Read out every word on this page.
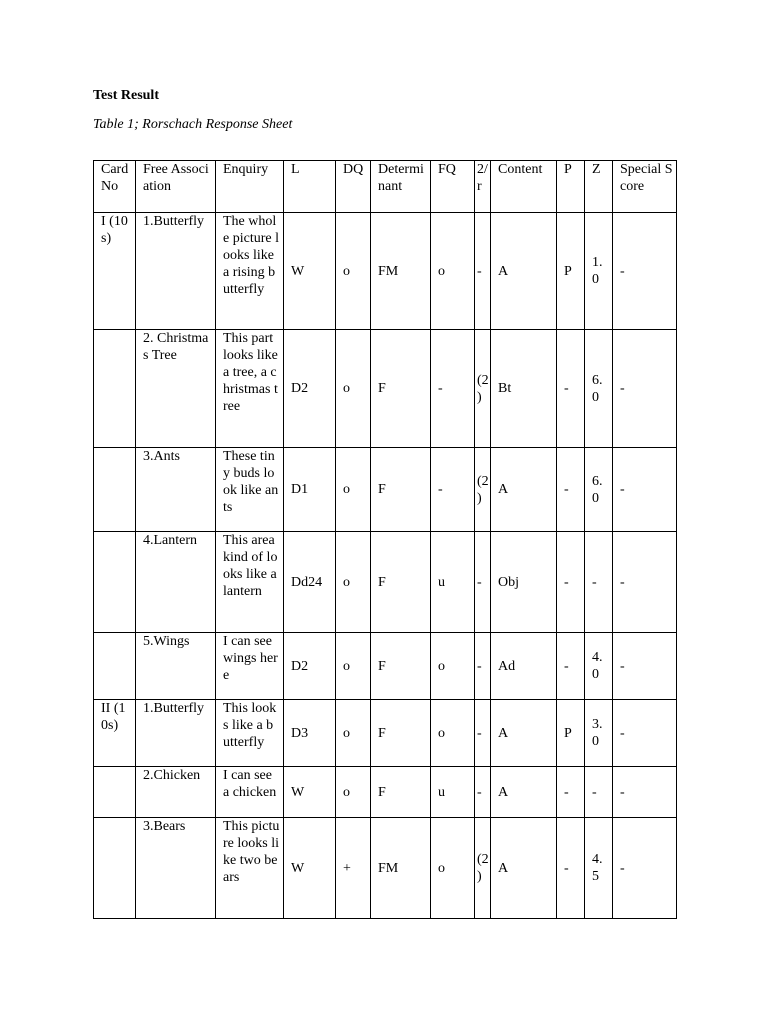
Test Result
Table 1; Rorschach Response Sheet
Card No	Free Association	Enquiry	L	DQ	Determinant	FQ	2/r	Content	P	Z	Special Score
I (10s)	1.Butterfly	The whole picture looks like a rising butterfly	W	o	FM	o	-	A	P	1.0	-
	2. Christmas Tree	This part looks like a tree, a christmas tree	D2	o	F	-	(2)	Bt	-	6.0	-
	3.Ants	These tiny buds look like ants	D1	o	F	-	(2)	A	-	6.0	-
	4.Lantern	This area kind of looks like a lantern	Dd24	o	F	u	-	Obj	-	-	-
	5.Wings	I can see wings here	D2	o	F	o	-	Ad	-	4.0	-
II (10s)	1.Butterfly	This looks like a butterfly	D3	o	F	o	-	A	P	3.0	-
	2.Chicken	I can see a chicken	W	o	F	u	-	A	-	-	-
	3.Bears	This picture looks like two bears	W	+	FM	o	(2)	A	-	4.5	-
